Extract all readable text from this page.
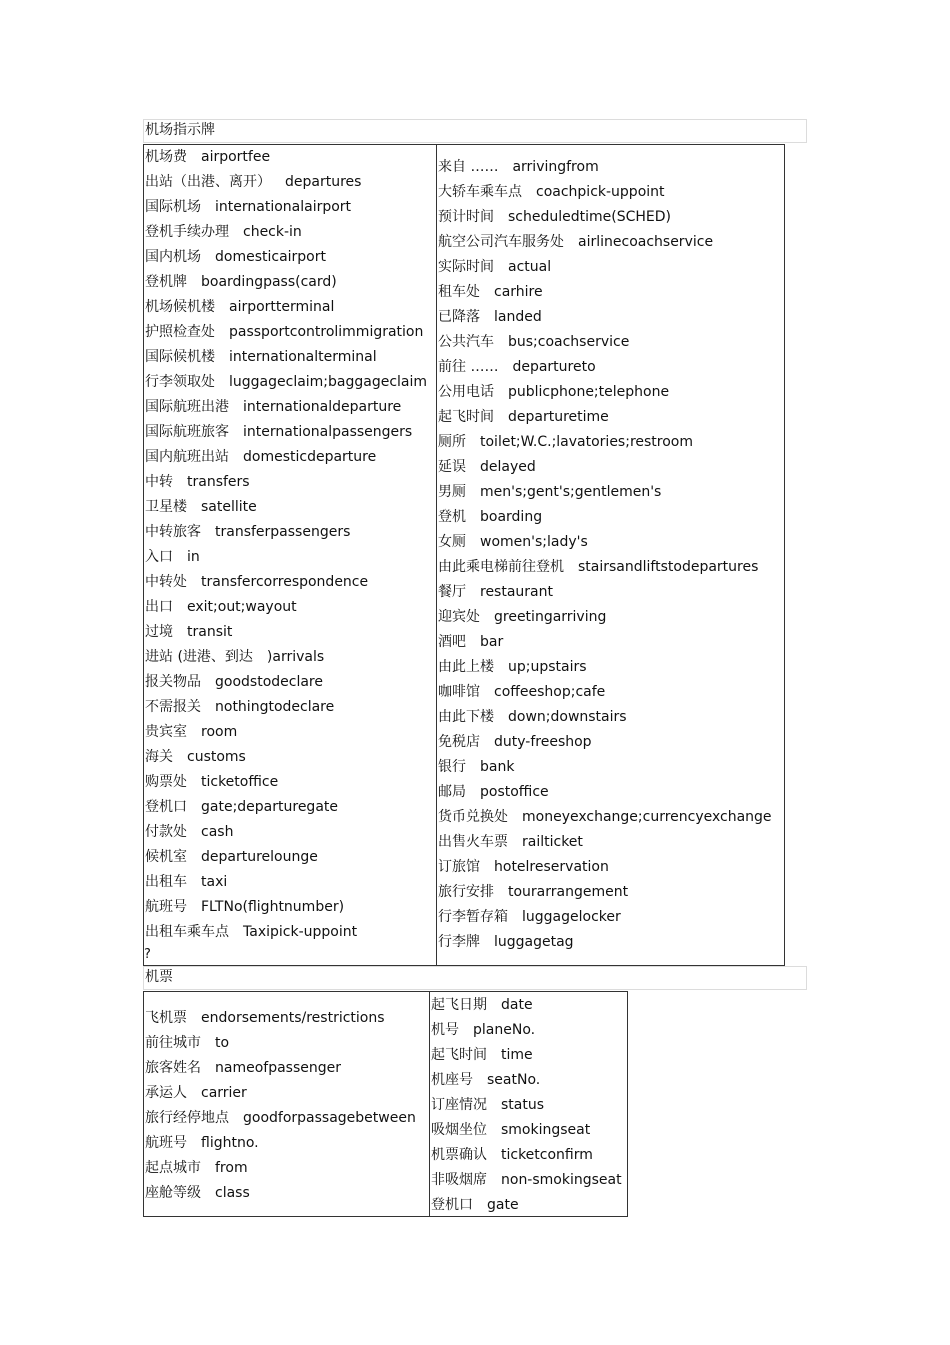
机场指示牌
机场费 airportfee
出站（出港、离开） departures
国际机场 internationalairport
登机手续办理 check-in
国内机场 domesticairport
登机牌 boardingpass(card)
机场候机楼 airportterminal
护照检查处 passportcontrolimmigration
国际候机楼 internationalterminal
行李领取处 luggageclaim;baggageclaim
国际航班出港 internationaldeparture
国际航班旅客 internationalpassengers
国内航班出站 domesticdeparture
中转 transfers
卫星楼 satellite
中转旅客 transferpassengers
入口 in
中转处 transfercorrespondence
出口 exit;out;wayout
过境 transit
进站 (进港、到达 )arrivals
报关物品 goodstodeclare
不需报关 nothingtodeclare
贵宾室 room
海关 customs
购票处 ticketoffice
登机口 gate;departuregate
付款处 cash
候机室 departurelounge
出租车 taxi
航班号 FLTNo(flightnumber)
出租车乘车点 Taxipick-uppoint
来自 …… arrivingfrom
大轿车乘车点 coachpick-uppoint
预计时间 scheduledtime(SCHED)
航空公司汽车服务处 airlinecoachservice
实际时间 actual
租车处 carhire
已降落 landed
公共汽车 bus;coachservice
前往 …… departureto
公用电话 publicphone;telephone
起飞时间 departuretime
厕所 toilet;W.C.;lavatories;restroom
延误 delayed
男厕 men's;gent's;gentlemen's
登机 boarding
女厕 women's;lady's
由此乘电梯前往登机 stairsandliftstodepartures
餐厅 restaurant
迎宾处 greetingarriving
酒吧 bar
由此上楼 up;upstairs
咖啡馆 coffeeshop;cafe
由此下楼 down;downstairs
免税店 duty-freeshop
银行 bank
邮局 postoffice
货币兑换处 moneyexchange;currencyexchange
出售火车票 railticket
订旅馆 hotelreservation
旅行安排 tourarrangement
行李暂存箱 luggagelocker
行李牌 luggagetag
?
机票
飞机票 endorsements/restrictions
前往城市 to
旅客姓名 nameofpassenger
承运人 carrier
旅行经停地点 goodforpassagebetween
航班号 flightno.
起点城市 from
座舱等级 class
起飞日期 date
机号 planeNo.
起飞时间 time
机座号 seatNo.
订座情况 status
吸烟坐位 smokingseat
机票确认 ticketconfirm
非吸烟席 non-smokingseat
登机口 gate
